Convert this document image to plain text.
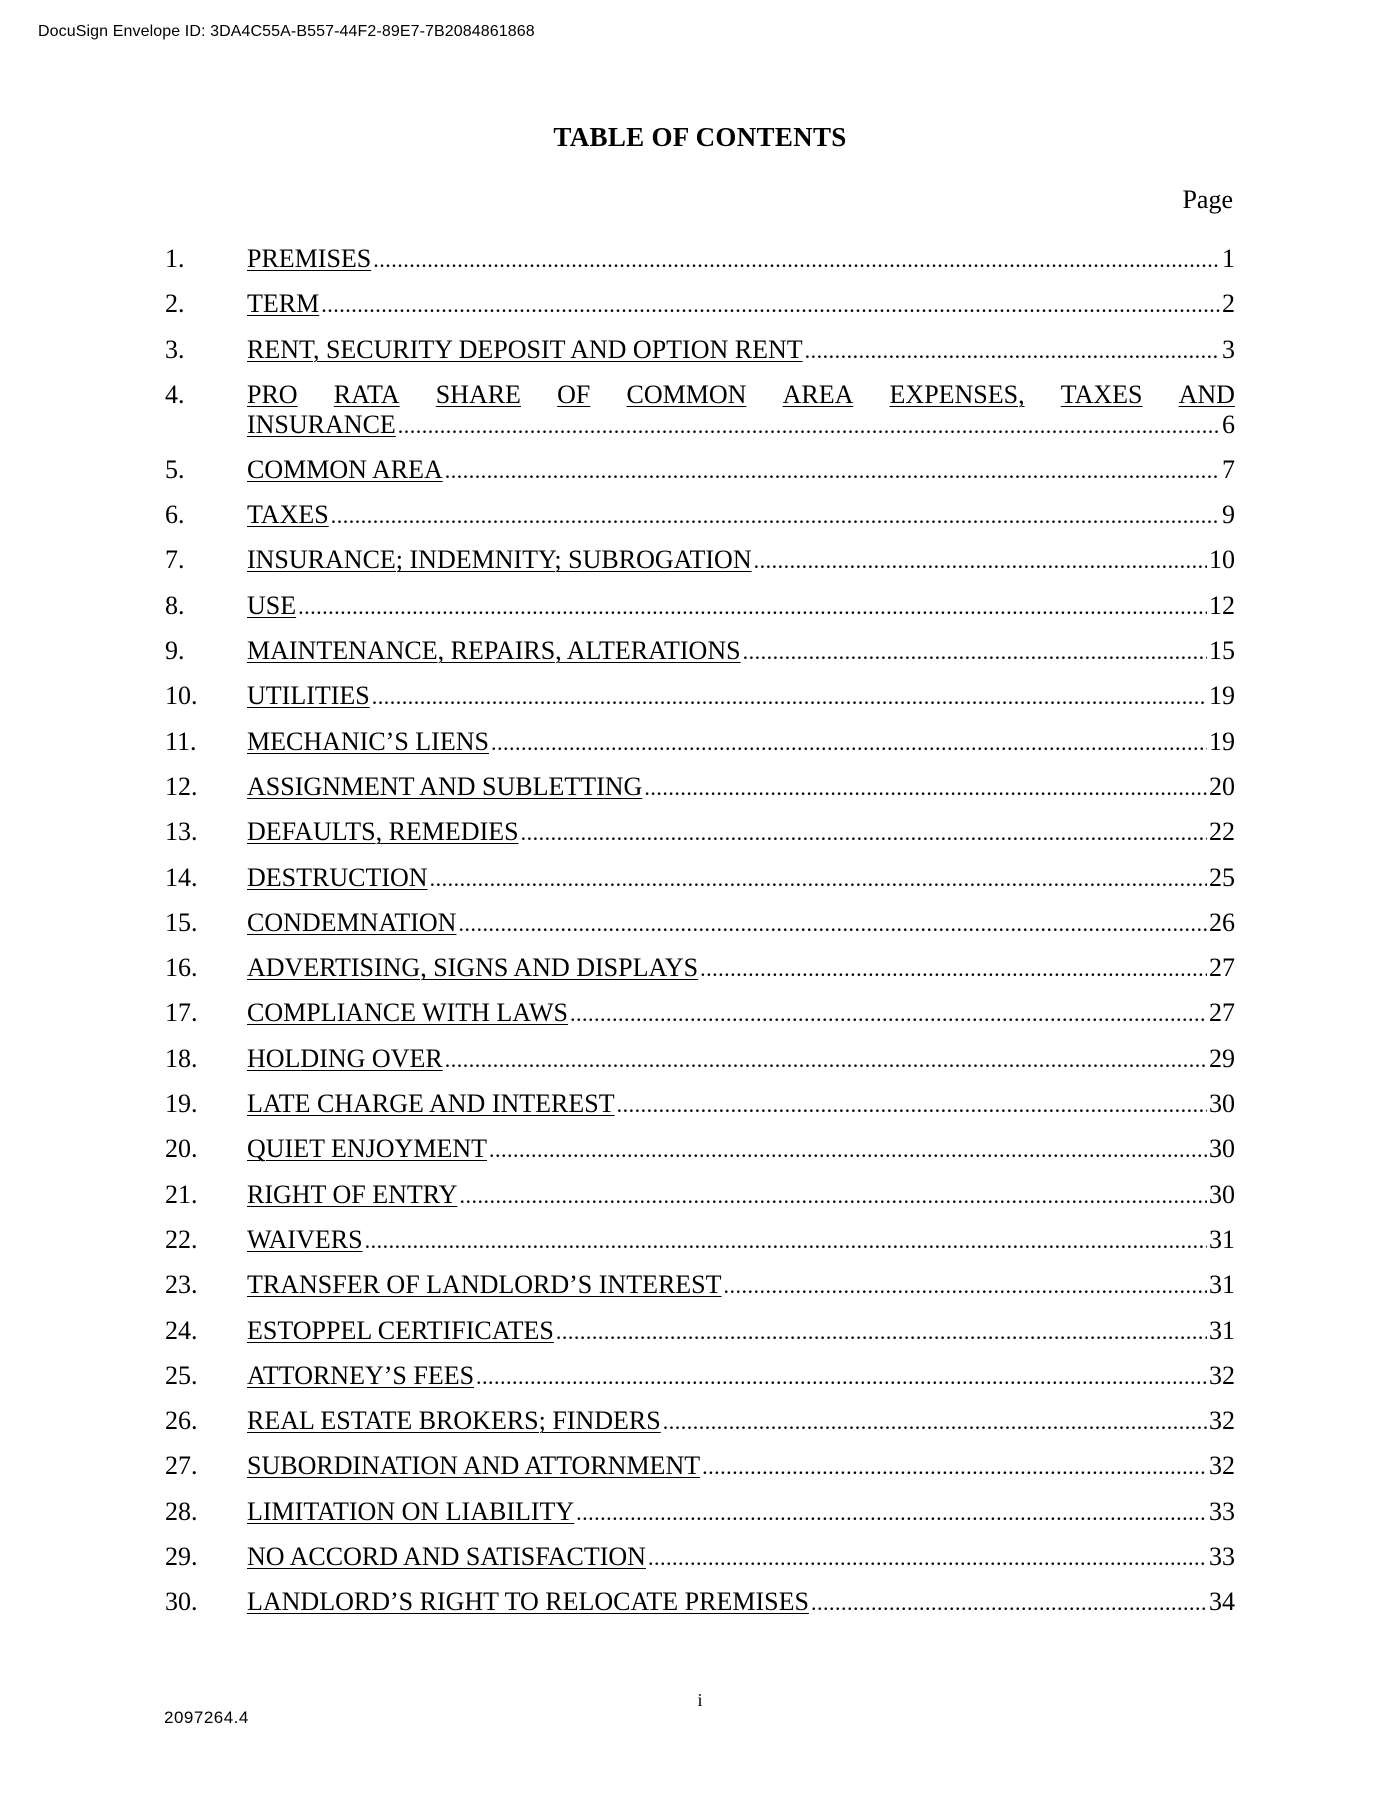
DocuSign Envelope ID: 3DA4C55A-B557-44F2-89E7-7B2084861868
TABLE OF CONTENTS
Page
1.	PREMISES .....	1
2.	TERM .....	2
3.	RENT, SECURITY DEPOSIT AND OPTION RENT .....	3
4.	PRO RATA SHARE OF COMMON AREA EXPENSES, TAXES AND
INSURANCE .....	6
5.	COMMON AREA .....	7
6.	TAXES .....	9
7.	INSURANCE; INDEMNITY; SUBROGATION .....	10
8.	USE .....	12
9.	MAINTENANCE, REPAIRS, ALTERATIONS .....	15
10.	UTILITIES .....	19
11.	MECHANIC’S LIENS .....	19
12.	ASSIGNMENT AND SUBLETTING .....	20
13.	DEFAULTS, REMEDIES .....	22
14.	DESTRUCTION .....	25
15.	CONDEMNATION .....	26
16.	ADVERTISING, SIGNS AND DISPLAYS .....	27
17.	COMPLIANCE WITH LAWS .....	27
18.	HOLDING OVER .....	29
19.	LATE CHARGE AND INTEREST .....	30
20.	QUIET ENJOYMENT .....	30
21.	RIGHT OF ENTRY .....	30
22.	WAIVERS .....	31
23.	TRANSFER OF LANDLORD’S INTEREST .....	31
24.	ESTOPPEL CERTIFICATES .....	31
25.	ATTORNEY’S FEES .....	32
26.	REAL ESTATE BROKERS; FINDERS .....	32
27.	SUBORDINATION AND ATTORNMENT .....	32
28.	LIMITATION ON LIABILITY .....	33
29.	NO ACCORD AND SATISFACTION .....	33
30.	LANDLORD’S RIGHT TO RELOCATE PREMISES .....	34
i
2097264.4
